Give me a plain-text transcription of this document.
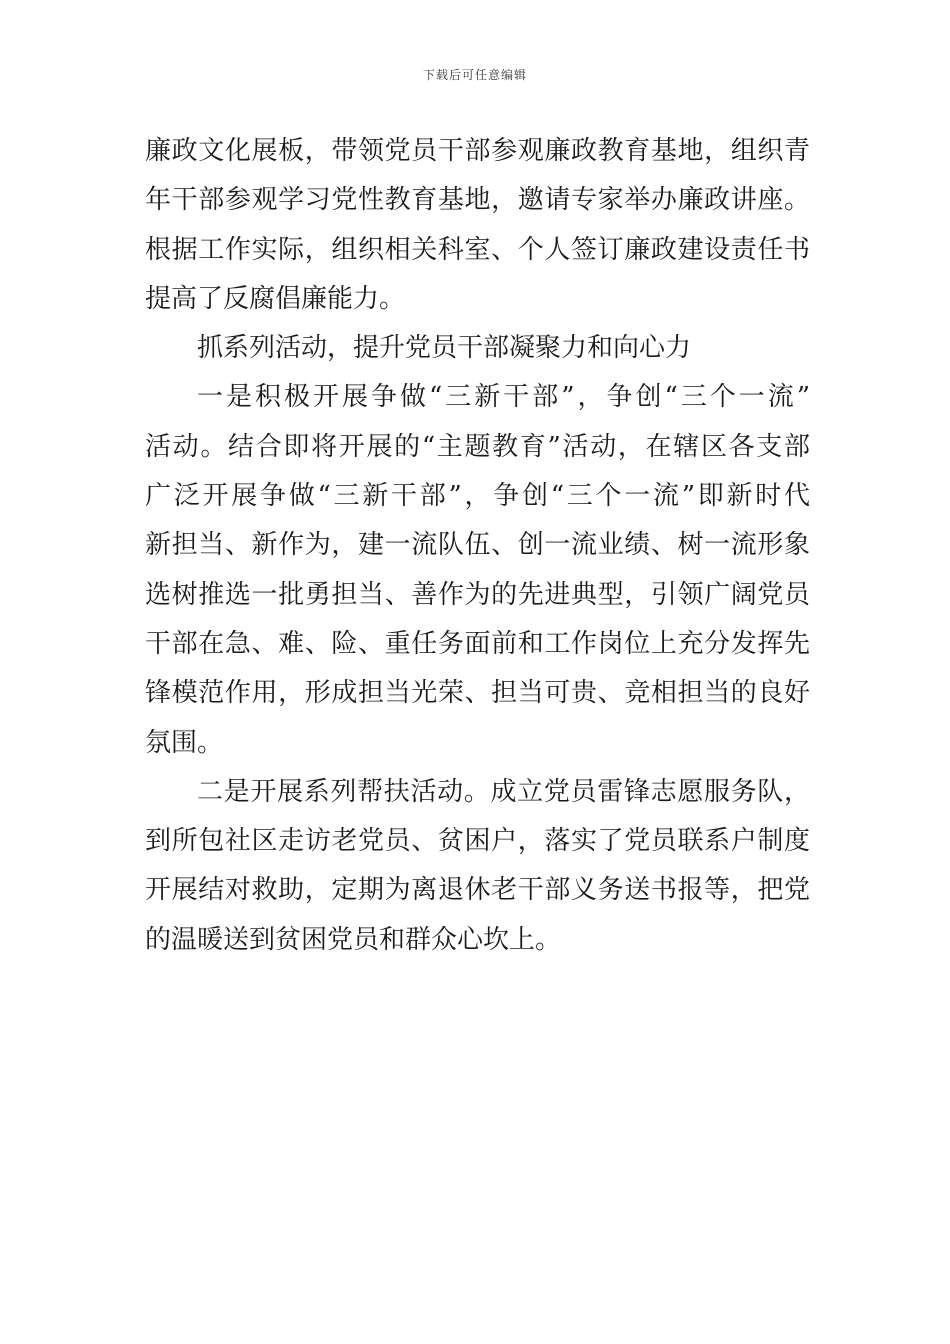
下载后可任意编辑
廉政文化展板，带领党员干部参观廉政教育基地，组织青
年干部参观学习党性教育基地，邀请专家举办廉政讲座。
根据工作实际，组织相关科室、个人签订廉政建设责任书
提高了反腐倡廉能力。
抓系列活动，提升党员干部凝聚力和向心力
一是积极开展争做“三新干部”，争创“三个一流”
活动。结合即将开展的“主题教育”活动，在辖区各支部
广泛开展争做“三新干部”，争创“三个一流”即新时代
新担当、新作为，建一流队伍、创一流业绩、树一流形象
选树推选一批勇担当、善作为的先进典型，引领广阔党员
干部在急、难、险、重任务面前和工作岗位上充分发挥先
锋模范作用，形成担当光荣、担当可贵、竞相担当的良好
氛围。
二是开展系列帮扶活动。成立党员雷锋志愿服务队，
到所包社区走访老党员、贫困户，落实了党员联系户制度
开展结对救助，定期为离退休老干部义务送书报等，把党
的温暖送到贫困党员和群众心坎上。
